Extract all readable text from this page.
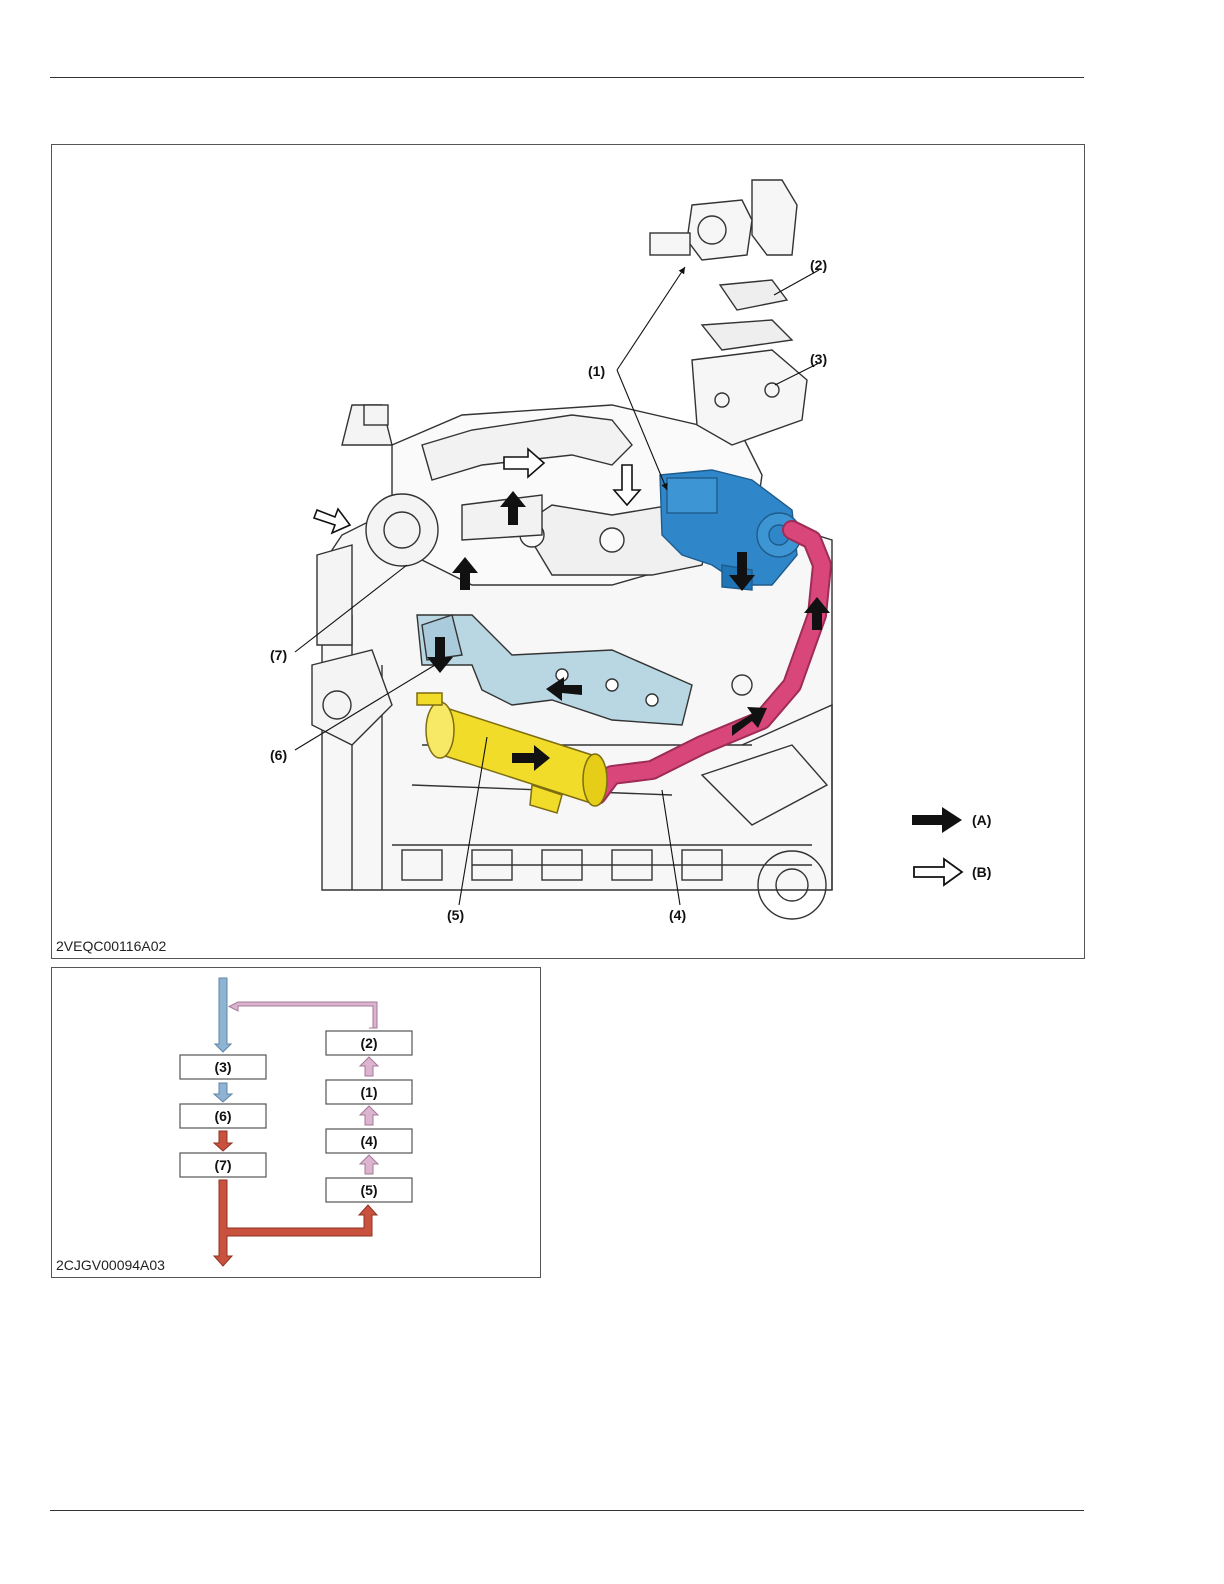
(1)
(2)
(3)
(4)
(5)
(6)
(7)
(A)
(B)
2VEQC00116A02
(3)
(6)
(7)
(2)
(1)
(4)
(5)
2CJGV00094A03
